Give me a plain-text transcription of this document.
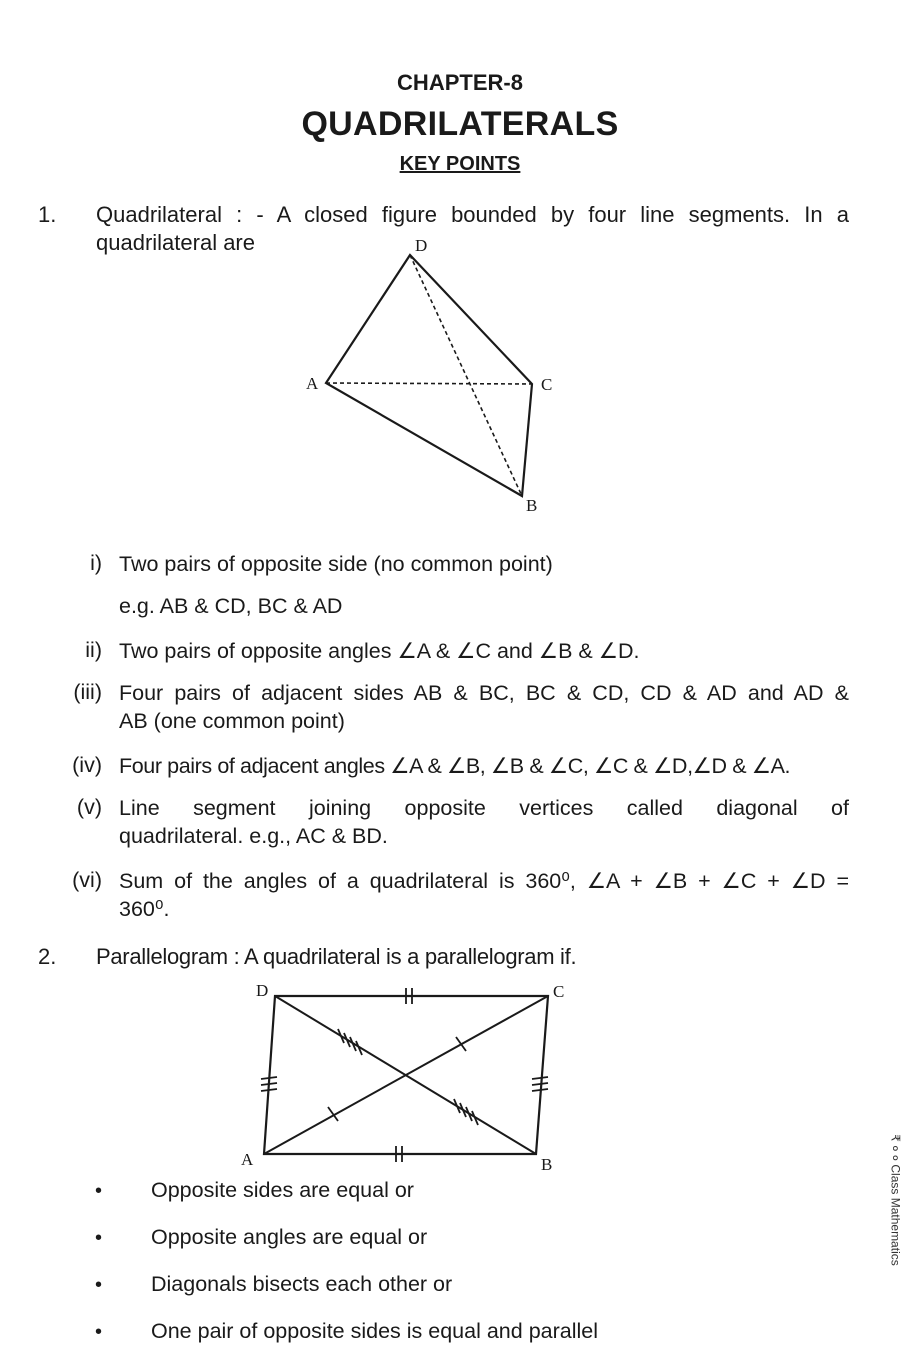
CHAPTER-8
QUADRILATERALS
KEY POINTS
1. Quadrilateral : - A closed figure bounded by four line segments. In a
quadrilateral are	D
A	C
B
i) Two pairs of opposite side (no common point)
e.g. AB & CD, BC & AD
ii) Two pairs of opposite angles ∠A & ∠C and ∠B & ∠D.
(iii) Four pairs of adjacent sides AB & BC, BC & CD, CD & AD and AD &
AB (one common point)
(iv) Four pairs of adjacent angles ∠A & ∠B, ∠B & ∠C, ∠C & ∠D,∠D & ∠A.
(v) Line segment joining opposite vertices called diagonal of
quadrilateral. e.g., AC & BD.
(vi) Sum of the angles of a quadrilateral is 360⁰, ∠A + ∠B + ∠C + ∠D =
360⁰.
2. Parallelogram : A quadrilateral is a parallelogram if.
D	C
A	B
• Opposite sides are equal or
• Opposite angles are equal or
• Diagonals bisects each other or
• One pair of opposite sides is equal and parallel
₹ ० ० Class Mathematics
